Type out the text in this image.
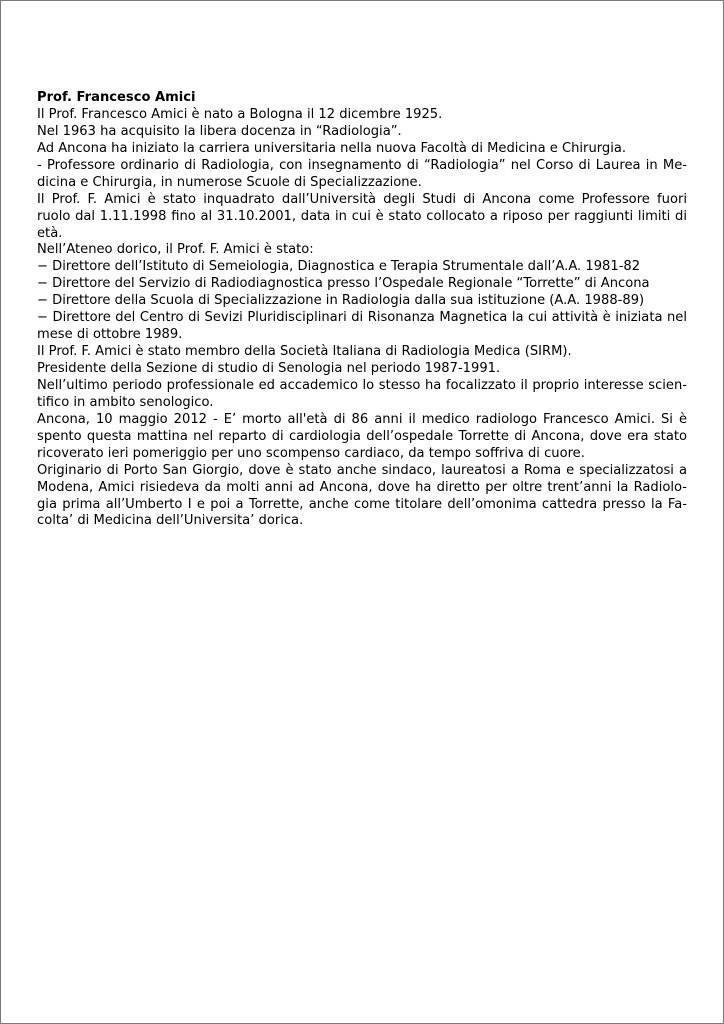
Prof. Francesco Amici
Il Prof. Francesco Amici è nato a Bologna il 12 dicembre 1925.
Nel 1963 ha acquisito la libera docenza in “Radiologia”.
Ad Ancona ha iniziato la carriera universitaria nella nuova Facoltà di Medicina e Chirurgia.
- Professore ordinario di Radiologia, con insegnamento di “Radiologia” nel Corso di Laurea in Me-
dicina e Chirurgia, in numerose Scuole di Specializzazione.
Il Prof. F. Amici è stato inquadrato dall’Università degli Studi di Ancona come Professore fuori
ruolo dal 1.11.1998 fino al 31.10.2001, data in cui è stato collocato a riposo per raggiunti limiti di
età.
Nell’Ateneo dorico, il Prof. F. Amici è stato:
− Direttore dell’Istituto di Semeiologia, Diagnostica e Terapia Strumentale dall’A.A. 1981-82
− Direttore del Servizio di Radiodiagnostica presso l’Ospedale Regionale “Torrette” di Ancona
− Direttore della Scuola di Specializzazione in Radiologia dalla sua istituzione (A.A. 1988-89)
− Direttore del Centro di Sevizi Pluridisciplinari di Risonanza Magnetica la cui attività è iniziata nel
mese di ottobre 1989.
Il Prof. F. Amici è stato membro della Società Italiana di Radiologia Medica (SIRM).
Presidente della Sezione di studio di Senologia nel periodo 1987-1991.
Nell’ultimo periodo professionale ed accademico lo stesso ha focalizzato il proprio interesse scien-
tifico in ambito senologico.
Ancona, 10 maggio 2012 - E’ morto all'età di 86 anni il medico radiologo Francesco Amici. Si è
spento questa mattina nel reparto di cardiologia dell’ospedale Torrette di Ancona, dove era stato
ricoverato ieri pomeriggio per uno scompenso cardiaco, da tempo soffriva di cuore.
Originario di Porto San Giorgio, dove è stato anche sindaco, laureatosi a Roma e specializzatosi a
Modena, Amici risiedeva da molti anni ad Ancona, dove ha diretto per oltre trent’anni la Radiolo-
gia prima all’Umberto I e poi a Torrette, anche come titolare dell’omonima cattedra presso la Fa-
colta’ di Medicina dell’Universita’ dorica.
